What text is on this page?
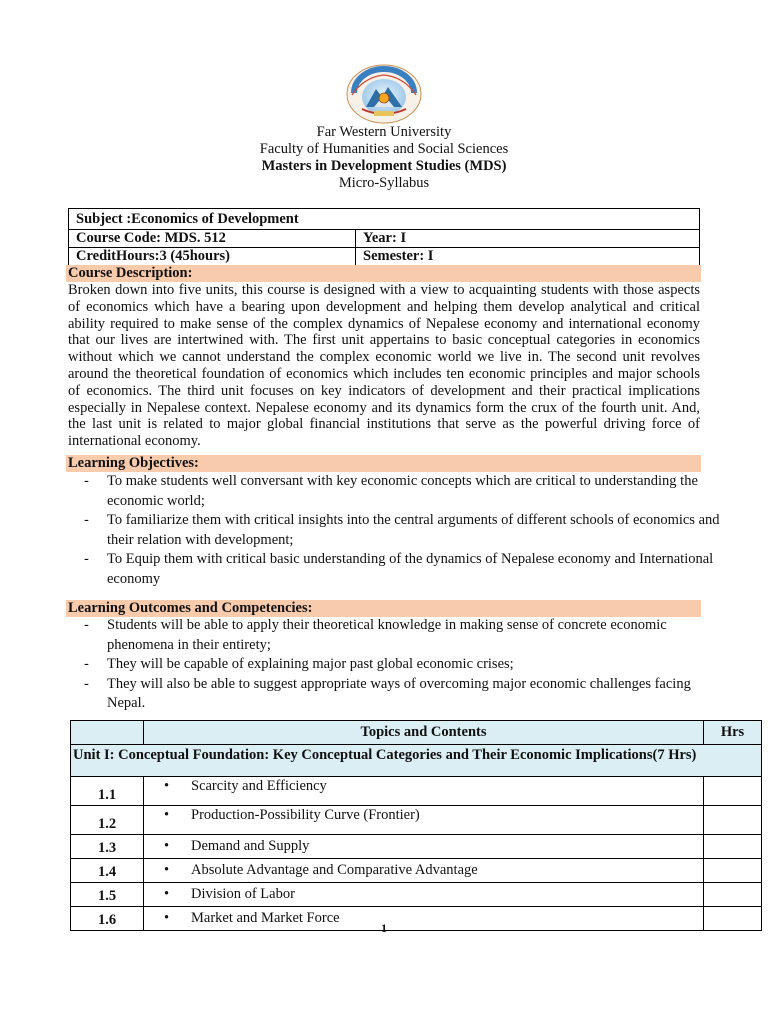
Far Western University
Faculty of Humanities and Social Sciences
Masters in Development Studies (MDS)
Micro-Syllabus
Subject :Economics of Development	
Course Code: MDS. 512	Year: I
CreditHours:3 (45hours)	Semester: I
Course Description:
Broken down into five units, this course is designed with a view to acquainting students with those aspects of economics which have a bearing upon development and helping them develop analytical and critical ability required to make sense of the complex dynamics of Nepalese economy and international economy that our lives are intertwined with. The first unit appertains to basic conceptual categories in economics without which we cannot understand the complex economic world we live in. The second unit revolves around the theoretical foundation of economics which includes ten economic principles and major schools of economics. The third unit focuses on key indicators of development and their practical implications especially in Nepalese context. Nepalese economy and its dynamics form the crux of the fourth unit. And, the last unit is related to major global financial institutions that serve as the powerful driving force of international economy.
Learning Objectives:
- To make students well conversant with key economic concepts which are critical to understanding the economic world;
- To familiarize them with critical insights into the central arguments of different schools of economics and their relation with development;
- To Equip them with critical basic understanding of the dynamics of Nepalese economy and International economy
Learning Outcomes and Competencies:
- Students will be able to apply their theoretical knowledge in making sense of concrete economic phenomena in their entirety;
- They will be capable of explaining major past global economic crises;
- They will also be able to suggest appropriate ways of overcoming major economic challenges facing Nepal.
	Topics and Contents	Hrs
Unit I: Conceptual Foundation: Key Conceptual Categories and Their Economic Implications(7 Hrs)		
1.1	• Scarcity and Efficiency	
1.2	• Production-Possibility Curve (Frontier)	
1.3	• Demand and Supply	
1.4	• Absolute Advantage and Comparative Advantage	
1.5	• Division of Labor	
1.6	• Market and Market Force	
1
